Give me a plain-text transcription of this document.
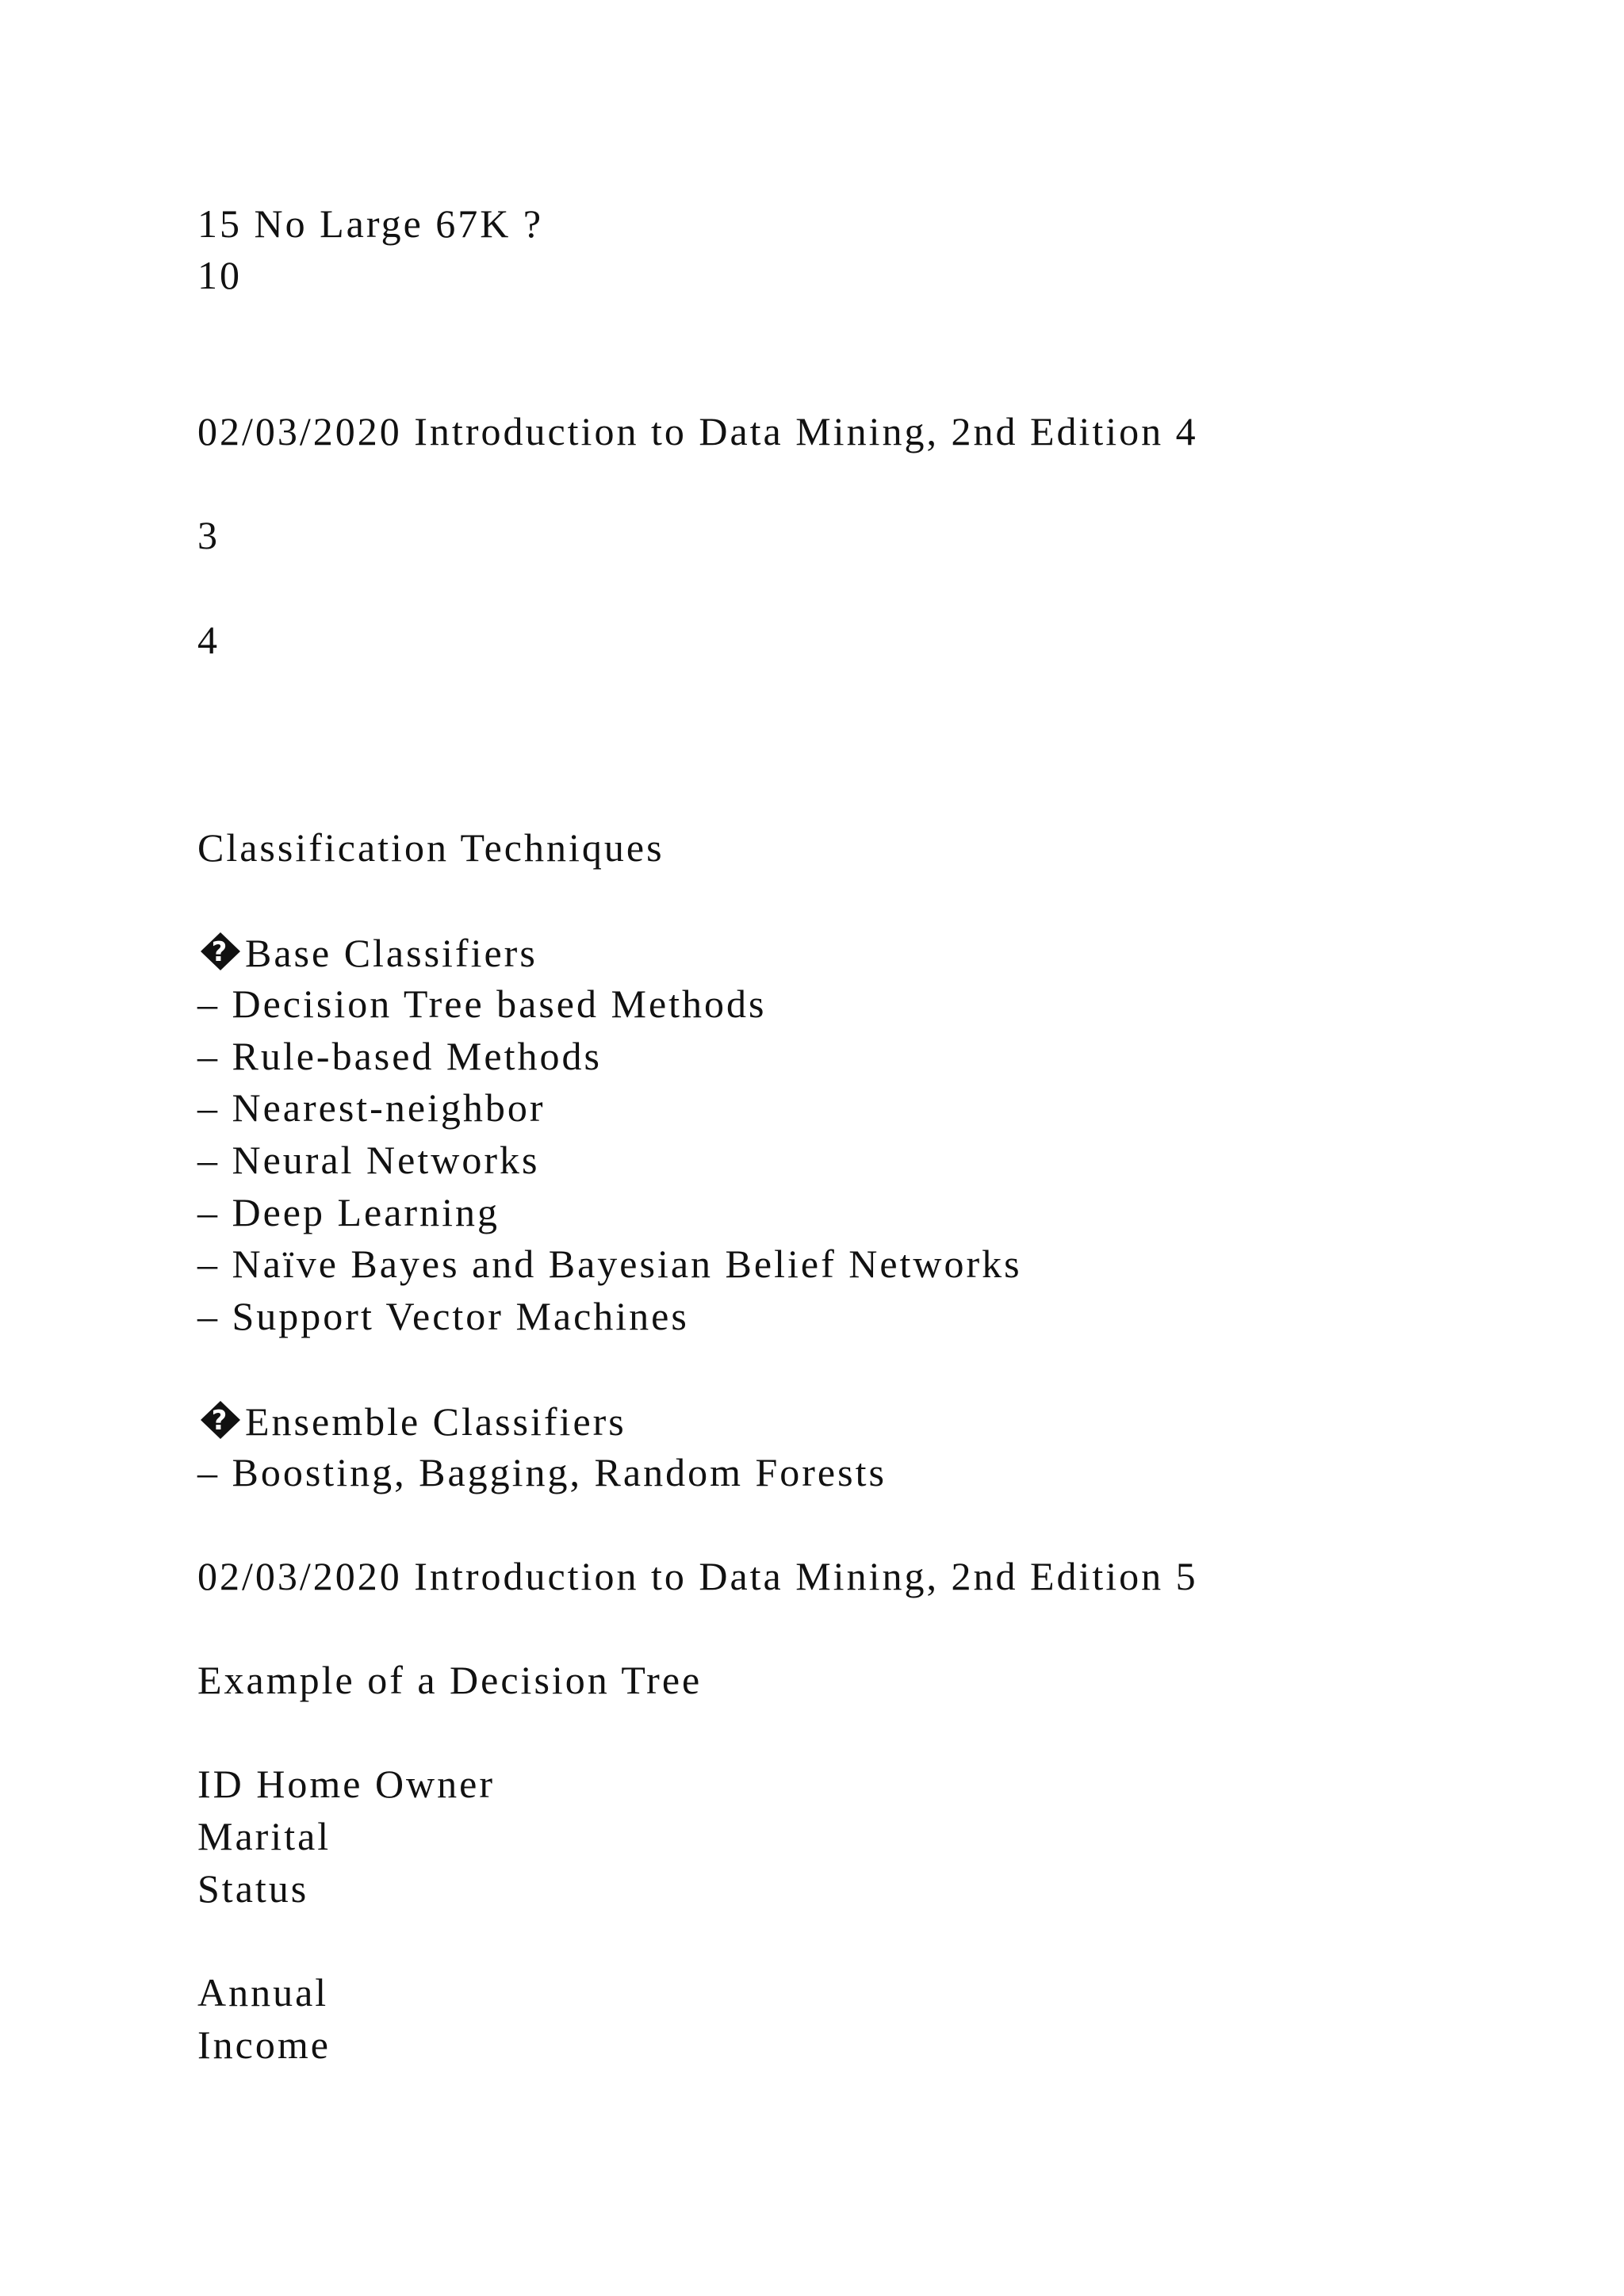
15 No Large 67K ?
10
02/03/2020 Introduction to Data Mining, 2nd Edition 4
3
4
Classification Techniques
? Base Classifiers
– Decision Tree based Methods
– Rule-based Methods
– Nearest-neighbor
– Neural Networks
– Deep Learning
– Naïve Bayes and Bayesian Belief Networks
– Support Vector Machines
? Ensemble Classifiers
– Boosting, Bagging, Random Forests
02/03/2020 Introduction to Data Mining, 2nd Edition 5
Example of a Decision Tree
ID Home Owner
Marital
Status
Annual
Income
